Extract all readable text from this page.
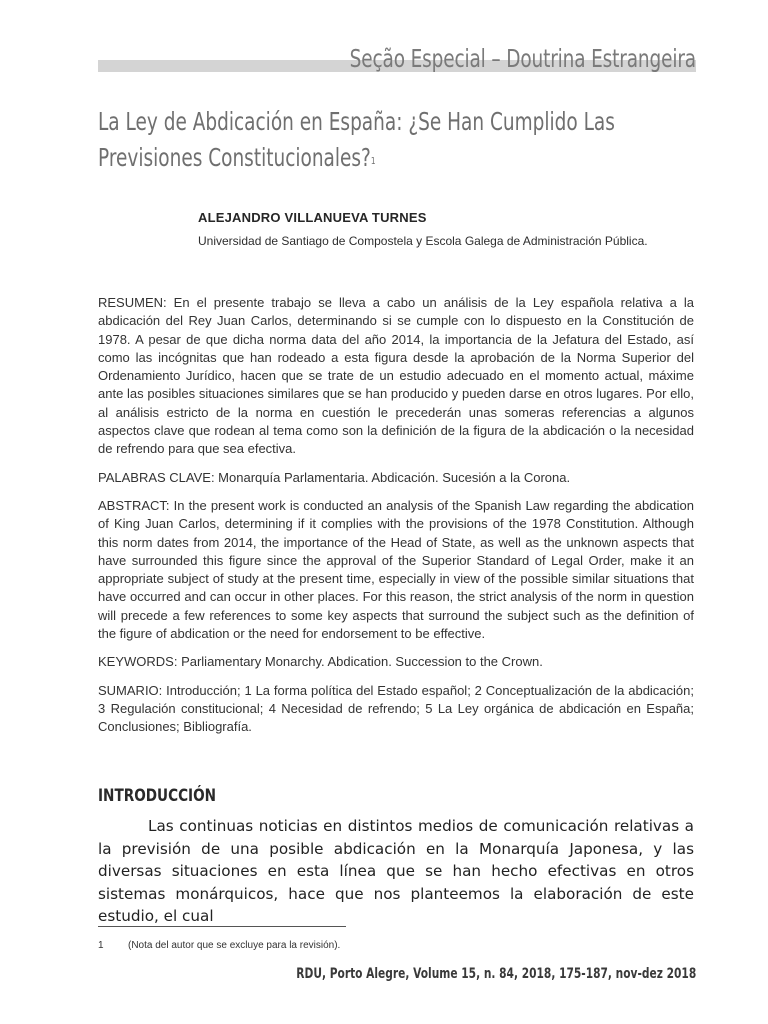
Seção Especial – Doutrina Estrangeira
La Ley de Abdicación en España: ¿Se Han Cumplido Las Previsiones Constitucionales?$^1$
ALEJANDRO VILLANUEVA TURNES
Universidad de Santiago de Compostela y Escola Galega de Administración Pública.

RESUMEN: En el presente trabajo se lleva a cabo un análisis de la Ley española relativa a la abdicación del Rey Juan Carlos, determinando si se cumple con lo dispuesto en la Constitución de 1978. A pesar de que dicha norma data del año 2014, la importancia de la Jefatura del Estado, así como las incógnitas que han rodeado a esta figura desde la aprobación de la Norma Superior del Ordenamiento Jurídico, hacen que se trate de un estudio adecuado en el momento actual, máxime ante las posibles situaciones similares que se han producido y pueden darse en otros lugares. Por ello, al análisis estricto de la norma en cuestión le precederán unas someras referencias a algunos aspectos clave que rodean al tema como son la definición de la figura de la abdicación o la necesidad de refrendo para que sea efectiva.

PALABRAS CLAVE: Monarquía Parlamentaria. Abdicación. Sucesión a la Corona.

ABSTRACT: In the present work is conducted an analysis of the Spanish Law regarding the abdication of King Juan Carlos, determining if it complies with the provisions of the 1978 Constitution. Although this norm dates from 2014, the importance of the Head of State, as well as the unknown aspects that have surrounded this figure since the approval of the Superior Standard of Legal Order, make it an appropriate subject of study at the present time, especially in view of the possible similar situations that have occurred and can occur in other places. For this reason, the strict analysis of the norm in question will precede a few references to some key aspects that surround the subject such as the definition of the figure of abdication or the need for endorsement to be effective.

KEYWORDS: Parliamentary Monarchy. Abdication. Succession to the Crown.

SUMARIO: Introducción; 1 La forma política del Estado español; 2 Conceptualización de la abdicación; 3 Regulación constitucional; 4 Necesidad de refrendo; 5 La Ley orgánica de abdicación en España; Conclusiones; Bibliografía.

INTRODUCCIÓN
Las continuas noticias en distintos medios de comunicación relativas a la previsión de una posible abdicación en la Monarquía Japonesa, y las diversas situaciones en esta línea que se han hecho efectivas en otros sistemas monárquicos, hace que nos planteemos la elaboración de este estudio, el cual
1 (Nota del autor que se excluye para la revisión).
RDU, Porto Alegre, Volume 15, n. 84, 2018, 175-187, nov-dez 2018
